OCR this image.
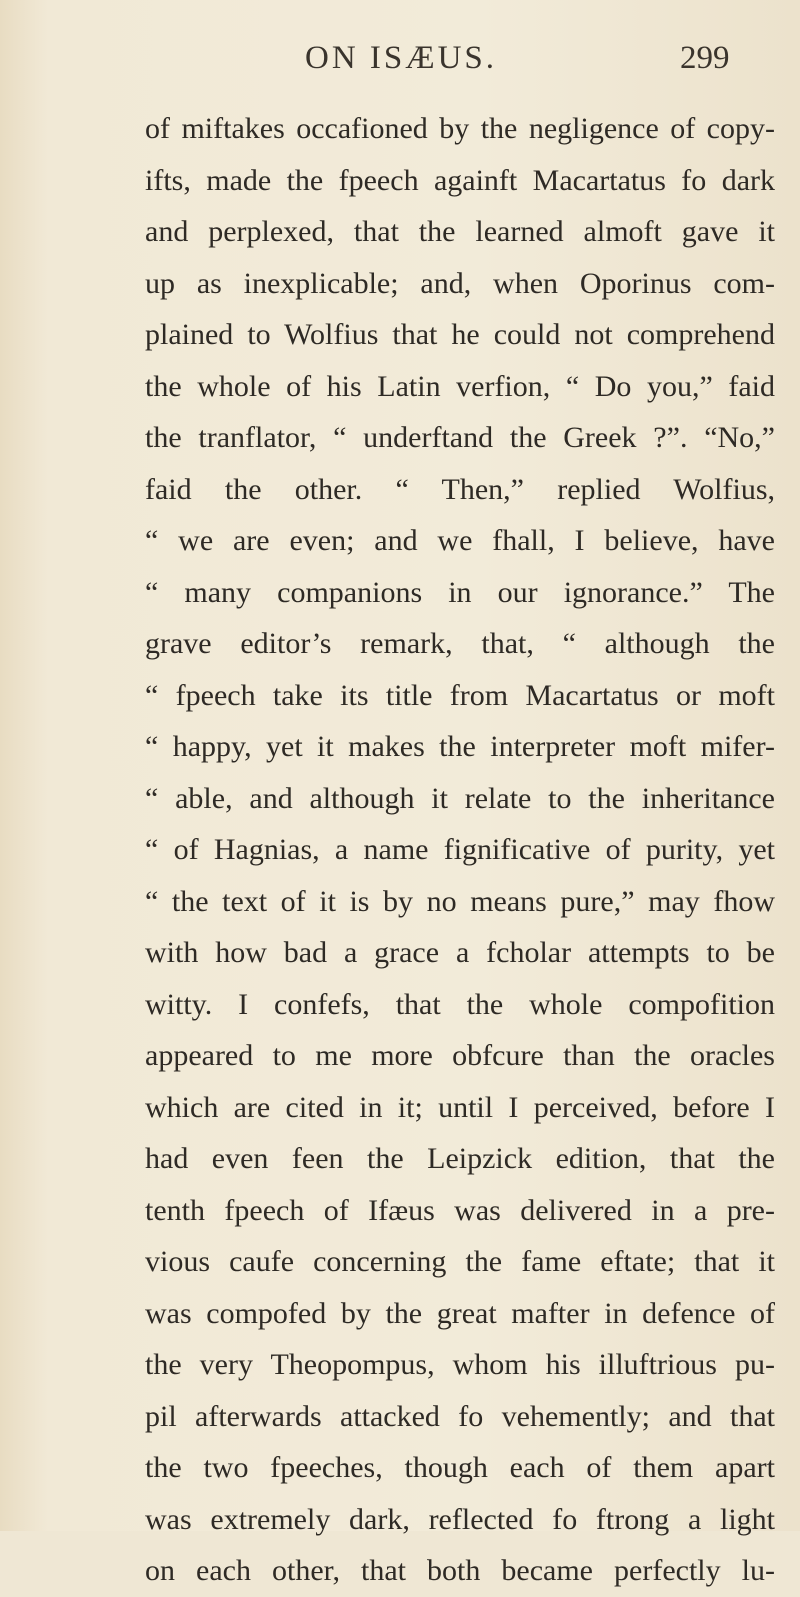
ON ISÆUS.	299
of miftakes occafioned by the negligence of copy-
ifts, made the fpeech againft Macartatus fo dark
and perplexed, that the learned almoft gave it
up as inexplicable; and, when Oporinus com-
plained to Wolfius that he could not comprehend
the whole of his Latin verfion, “ Do you,” faid
the tranflator, “ underftand the Greek ?”. “No,”
faid the other. “ Then,” replied Wolfius,
“ we are even; and we fhall, I believe, have
“ many companions in our ignorance.” The
grave editor’s remark, that, “ although the
“ fpeech take its title from Macartatus or moft
“ happy, yet it makes the interpreter moft mifer-
“ able, and although it relate to the inheritance
“ of Hagnias, a name fignificative of purity, yet
“ the text of it is by no means pure,” may fhow
with how bad a grace a fcholar attempts to be
witty. I confefs, that the whole compofition
appeared to me more obfcure than the oracles
which are cited in it; until I perceived, before I
had even feen the Leipzick edition, that the
tenth fpeech of Ifæus was delivered in a pre-
vious caufe concerning the fame eftate; that it
was compofed by the great mafter in defence of
the very Theopompus, whom his illuftrious pu-
pil afterwards attacked fo vehemently; and that
the two fpeeches, though each of them apart
was extremely dark, reflected fo ftrong a light
on each other, that both became perfectly lu-
